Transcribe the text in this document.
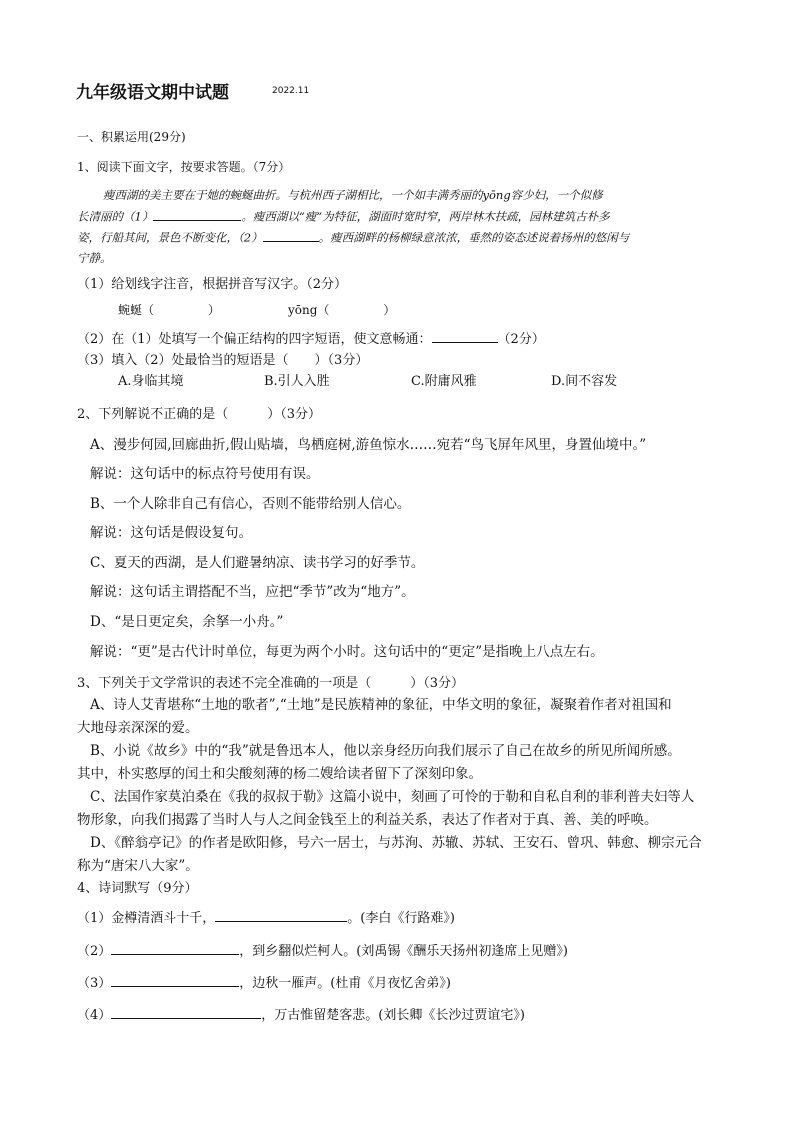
九年级语文期中试题	2022.11
一、积累运用(29分)
1、阅读下面文字，按要求答题。（7分）
瘦西湖的美主要在于她的蜿蜒曲折。与杭州西子湖相比，一个如丰满秀丽的yōng容少妇，一个似修
长清丽的（1）	。瘦西湖以“瘦”为特征，湖面时宽时窄，两岸林木扶疏，园林建筑古朴多
姿，行船其间，景色不断变化，（2）	。瘦西湖畔的杨柳绿意浓浓，垂然的姿态述说着扬州的悠闲与
宁静。
（1）给划线字注音，根据拼音写汉字。（2分）
蜿蜒（	）	yōng（	）
（2）在（1）处填写一个偏正结构的四字短语，使文意畅通：	（2分）
（3）填入（2）处最恰当的短语是（　　）（3分）
A.身临其境	B.引人入胜	C.附庸风雅	D.间不容发
2、下列解说不正确的是（　　　）（3分）
A、漫步何园,回廊曲折,假山贴墙，鸟栖庭树,游鱼惊水……宛若“鸟飞屏年风里，身置仙境中。”
解说：这句话中的标点符号使用有误。
B、一个人除非自己有信心，否则不能带给别人信心。
解说：这句话是假设复句。
C、夏天的西湖，是人们避暑纳凉、读书学习的好季节。
解说：这句话主谓搭配不当，应把“季节”改为“地方”。
D、“是日更定矣，余拏一小舟。”
解说：“更”是古代计时单位，每更为两个小时。这句话中的“更定”是指晚上八点左右。
3、下列关于文学常识的表述不完全准确的一项是（　　　）（3分）
A、诗人艾青堪称“土地的歌者”,“土地”是民族精神的象征，中华文明的象征，凝聚着作者对祖国和
大地母亲深深的爱。
B、小说《故乡》中的“我”就是鲁迅本人，他以亲身经历向我们展示了自己在故乡的所见所闻所感。
其中，朴实憨厚的闰土和尖酸刻薄的杨二嫂给读者留下了深刻印象。
C、法国作家莫泊桑在《我的叔叔于勒》这篇小说中，刻画了可怜的于勒和自私自利的菲利普夫妇等人
物形象，向我们揭露了当时人与人之间金钱至上的利益关系，表达了作者对于真、善、美的呼唤。
D、《醉翁亭记》的作者是欧阳修，号六一居士，与苏洵、苏辙、苏轼、王安石、曾巩、韩愈、柳宗元合
称为“唐宋八大家”。
4、诗词默写（9分）
（1）金樽清酒斗十千，	。(李白《行路难》)
（2）	，到乡翻似烂柯人。(刘禹锡《酬乐天扬州初逢席上见赠》)
（3）	，边秋一雁声。(杜甫《月夜忆舍弟》)
（4）	，万古惟留楚客悲。(刘长卿《长沙过贾谊宅》)
